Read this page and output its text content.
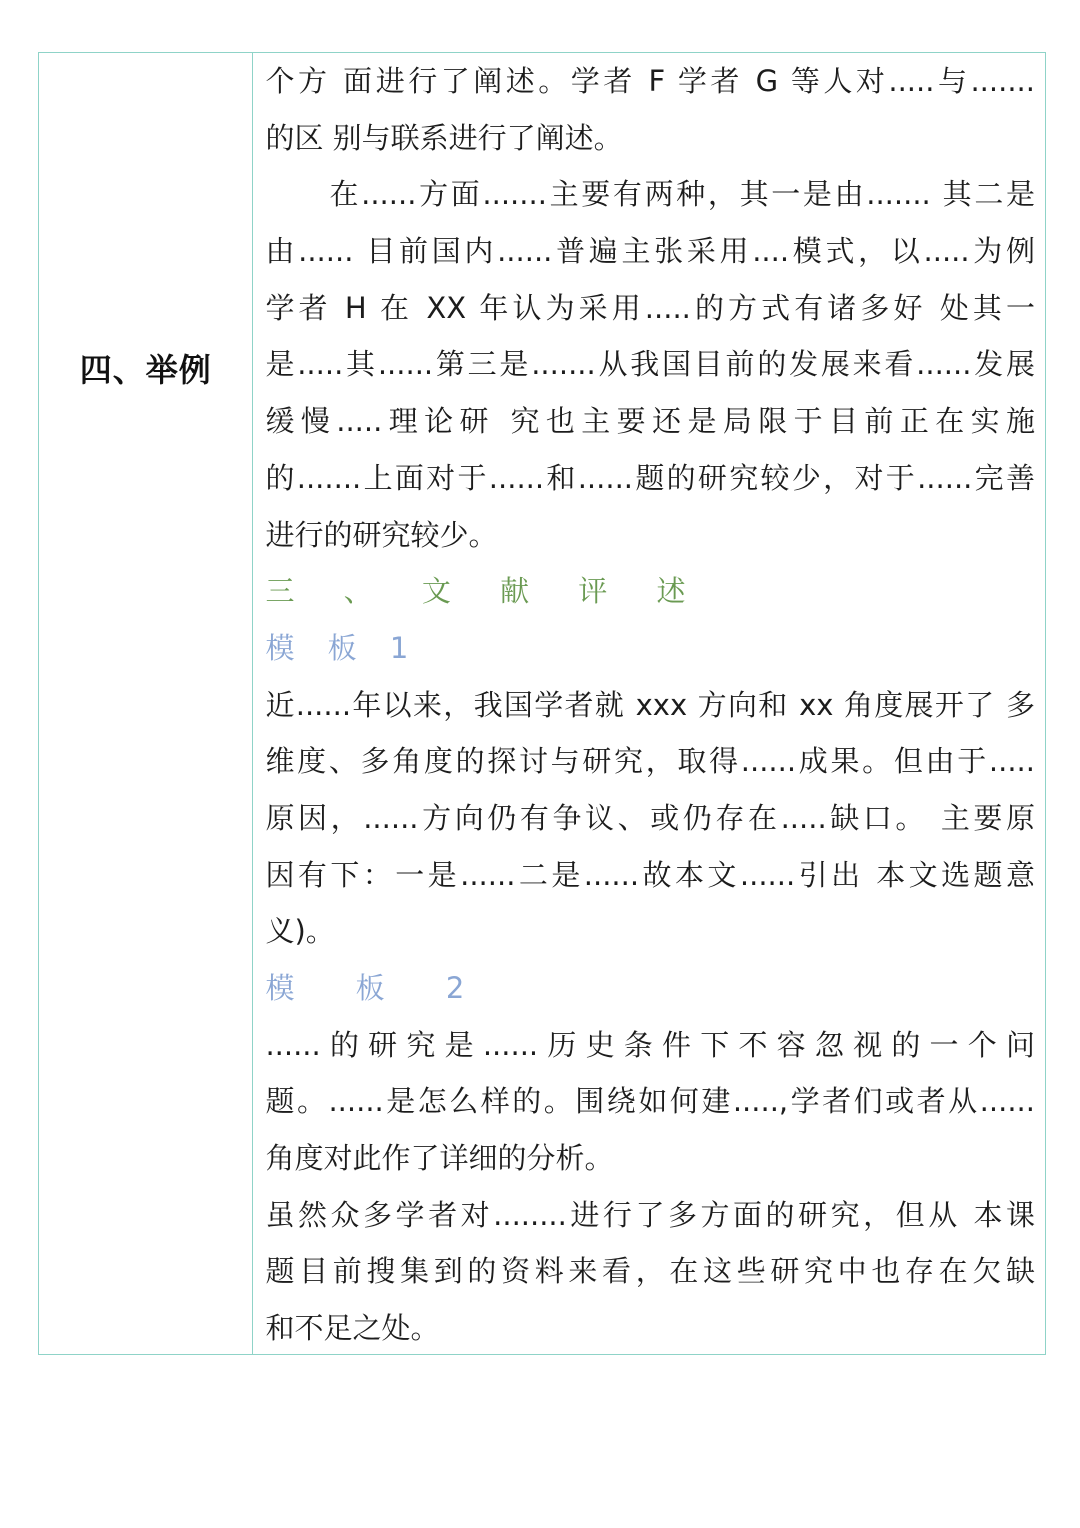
四、举例
个方 面进行了阐述。学者 F 学者 G 等人对.....与.......
的区 别与联系进行了阐述。
在......方面.......主要有两种，其一是由....... 其二是
由...... 目前国内......普遍主张采用....模式，以.....为例
学者 H 在 XX 年认为采用.....的方式有诸多好 处其一
是.....其......第三是.......从我国目前的发展来看......发展
缓慢.....理论研 究也主要还是局限于目前正在实施
的.......上面对于......和......题的研究较少，对于......完善
进行的研究较少。
三 、 文 献 评 述
模 板 1
近......年以来，我国学者就 xxx 方向和 xx 角度展开了 多
维度、多角度的探讨与研究，取得......成果。但由于.....
原因，......方向仍有争议、或仍存在.....缺口。 主要原
因有下：一是......二是......故本文......引出 本文选题意
义)。
模 板 2
...... 的 研 究 是 ...... 历 史 条 件 下 不 容 忽 视 的 一 个 问
题。......是怎么样的。围绕如何建.....,学者们或者从......
角度对此作了详细的分析。
虽然众多学者对........进行了多方面的研究，但从 本课
题目前搜集到的资料来看，在这些研究中也存在欠缺
和不足之处。
